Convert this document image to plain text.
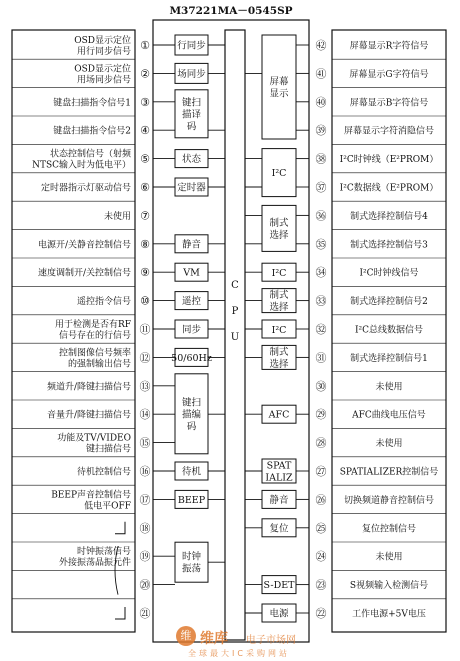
M37221MA－0545SP
C
P
U
OSD显示定位
用行同步信号 ①
OSD显示定位
用场同步信号 ②
键盘扫描指令信号1 ③
键盘扫描指令信号2 ④
状态控制信号（射频
NTSC输入时为低电平） ⑤
定时器指示灯驱动信号 ⑥
未使用 ⑦
电源开/关静音控制信号 ⑧
速度调制开/关控制信号 ⑨
遥控指令信号 ⑩
用于检测是否有RF
信号存在的行信号 ⑪
控制图像信号频率
的强制输出信号 ⑫
频道升/降键扫描信号 ⑬
音量升/降键扫描信号 ⑭
功能及TV/VIDEO
键扫描信号 ⑮
待机控制信号 ⑯
BEEP声音控制信号
低电平OFF ⑰
⑱
时钟振荡信号
外接振荡晶振元件 ⑲
⑳
㉑
㊷	屏幕显示R字符信号
㊶	屏幕显示G字符信号
㊵	屏幕显示B字符信号
㊴ 屏幕显示字符消隐信号
㊳ I²C时钟线（E²PROM）
㊲ I²C数据线（E²PROM）
㊱	制式选择控制信号4
㉟	制式选择控制信号3
㉞	I²C时钟线信号
㉝	制式选择控制信号2
㉜	I²C总线数据信号
㉛	制式选择控制信号1
㉚	未使用
㉙	AFC曲线电压信号
㉘	未使用
㉗ SPATIALIZER控制信号
㉖ 切换频道静音控制信号
㉕	复位控制信号
㉔	未使用
㉓	S视频输入检测信号
㉒	工作电源+5V电压
行同步
场同步
键扫
描译
码
状态
定时器
静音
VM
遥控
同步
50/60Hz
键扫
描编
码
待机
BEEP
时钟
振荡
屏幕
显示
I²C
制式
选择
I²C
I²C
制式
选择
制式
选择
AFC
SPAT
IALIZ
静音
复位
S-DET
电源
维 维库 电子市场网
全球最大IC采购网站
